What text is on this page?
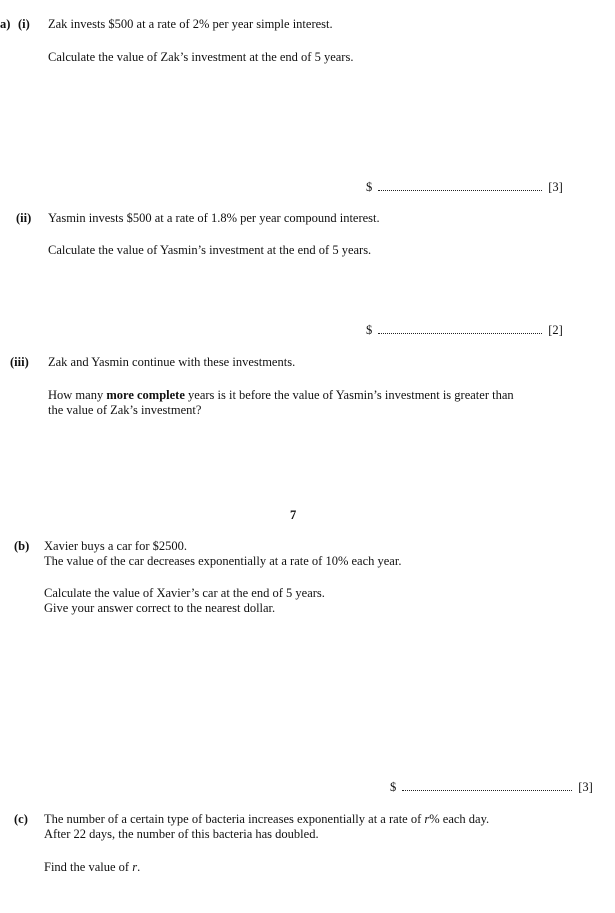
a) (i) Zak invests $500 at a rate of 2% per year simple interest.
Calculate the value of Zak’s investment at the end of 5 years.
$	[3]
(ii) Yasmin invests $500 at a rate of 1.8% per year compound interest.
Calculate the value of Yasmin’s investment at the end of 5 years.
$	[2]
(iii) Zak and Yasmin continue with these investments.
How many more complete years is it before the value of Yasmin’s investment is greater than
the value of Zak’s investment?
7
(b) Xavier buys a car for $2500.
The value of the car decreases exponentially at a rate of 10% each year.
Calculate the value of Xavier’s car at the end of 5 years.
Give your answer correct to the nearest dollar.
$	[3]
(c) The number of a certain type of bacteria increases exponentially at a rate of r% each day.
After 22 days, the number of this bacteria has doubled.
Find the value of r.
